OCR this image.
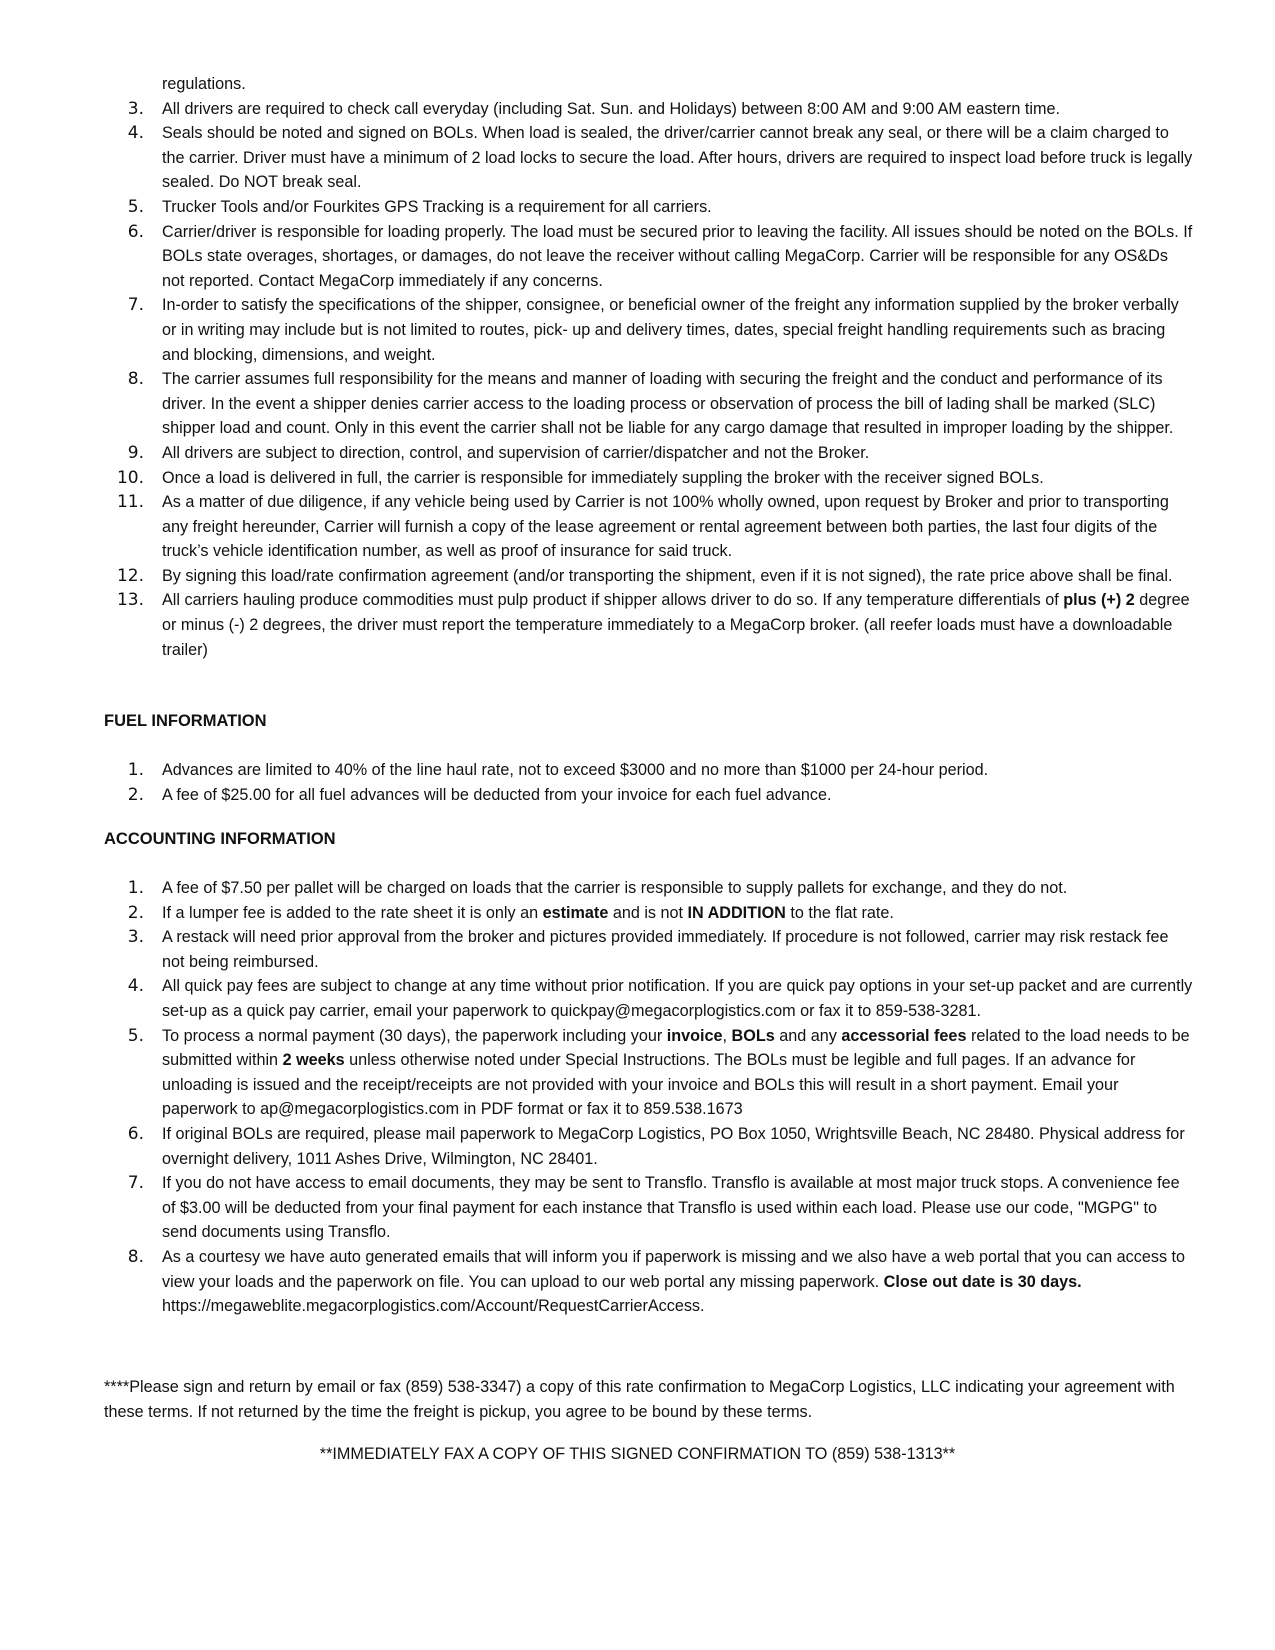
regulations.
3.	All drivers are required to check call everyday (including Sat. Sun. and Holidays) between 8:00 AM and 9:00 AM eastern time.
4.	Seals should be noted and signed on BOLs. When load is sealed, the driver/carrier cannot break any seal, or there will be a claim charged to the carrier. Driver must have a minimum of 2 load locks to secure the load. After hours, drivers are required to inspect load before truck is legally sealed. Do NOT break seal.
5.	Trucker Tools and/or Fourkites GPS Tracking is a requirement for all carriers.
6.	Carrier/driver is responsible for loading properly. The load must be secured prior to leaving the facility. All issues should be noted on the BOLs. If BOLs state overages, shortages, or damages, do not leave the receiver without calling MegaCorp. Carrier will be responsible for any OS&Ds not reported. Contact MegaCorp immediately if any concerns.
7.	In-order to satisfy the specifications of the shipper, consignee, or beneficial owner of the freight any information supplied by the broker verbally or in writing may include but is not limited to routes, pick- up and delivery times, dates, special freight handling requirements such as bracing and blocking, dimensions, and weight.
8.	The carrier assumes full responsibility for the means and manner of loading with securing the freight and the conduct and performance of its driver. In the event a shipper denies carrier access to the loading process or observation of process the bill of lading shall be marked (SLC) shipper load and count. Only in this event the carrier shall not be liable for any cargo damage that resulted in improper loading by the shipper.
9.	All drivers are subject to direction, control, and supervision of carrier/dispatcher and not the Broker.
10.	Once a load is delivered in full, the carrier is responsible for immediately suppling the broker with the receiver signed BOLs.
11.	As a matter of due diligence, if any vehicle being used by Carrier is not 100% wholly owned, upon request by Broker and prior to transporting any freight hereunder, Carrier will furnish a copy of the lease agreement or rental agreement between both parties, the last four digits of the truck’s vehicle identification number, as well as proof of insurance for said truck.
12.	By signing this load/rate confirmation agreement (and/or transporting the shipment, even if it is not signed), the rate price above shall be final.
13.	All carriers hauling produce commodities must pulp product if shipper allows driver to do so. If any temperature differentials of plus (+) 2 degree or minus (-) 2 degrees, the driver must report the temperature immediately to a MegaCorp broker. (all reefer loads must have a downloadable trailer)
FUEL INFORMATION
1.	Advances are limited to 40% of the line haul rate, not to exceed $3000 and no more than $1000 per 24-hour period.
2.	A fee of $25.00 for all fuel advances will be deducted from your invoice for each fuel advance.
ACCOUNTING INFORMATION
1.	A fee of $7.50 per pallet will be charged on loads that the carrier is responsible to supply pallets for exchange, and they do not.
2.	If a lumper fee is added to the rate sheet it is only an estimate and is not IN ADDITION to the flat rate.
3.	A restack will need prior approval from the broker and pictures provided immediately. If procedure is not followed, carrier may risk restack fee not being reimbursed.
4.	All quick pay fees are subject to change at any time without prior notification. If you are quick pay options in your set-up packet and are currently set-up as a quick pay carrier, email your paperwork to quickpay@megacorplogistics.com or fax it to 859-538-3281.
5.	To process a normal payment (30 days), the paperwork including your invoice, BOLs and any accessorial fees related to the load needs to be submitted within 2 weeks unless otherwise noted under Special Instructions. The BOLs must be legible and full pages. If an advance for unloading is issued and the receipt/receipts are not provided with your invoice and BOLs this will result in a short payment. Email your paperwork to ap@megacorplogistics.com in PDF format or fax it to 859.538.1673
6.	If original BOLs are required, please mail paperwork to MegaCorp Logistics, PO Box 1050, Wrightsville Beach, NC 28480. Physical address for overnight delivery, 1011 Ashes Drive, Wilmington, NC 28401.
7.	If you do not have access to email documents, they may be sent to Transflo. Transflo is available at most major truck stops. A convenience fee of $3.00 will be deducted from your final payment for each instance that Transflo is used within each load. Please use our code, "MGPG" to send documents using Transflo.
8.	As a courtesy we have auto generated emails that will inform you if paperwork is missing and we also have a web portal that you can access to view your loads and the paperwork on file. You can upload to our web portal any missing paperwork. Close out date is 30 days. https://megaweblite.megacorplogistics.com/Account/RequestCarrierAccess.
****Please sign and return by email or fax (859) 538-3347) a copy of this rate confirmation to MegaCorp Logistics, LLC indicating your agreement with these terms. If not returned by the time the freight is pickup, you agree to be bound by these terms.
**IMMEDIATELY FAX A COPY OF THIS SIGNED CONFIRMATION TO (859) 538-1313**
